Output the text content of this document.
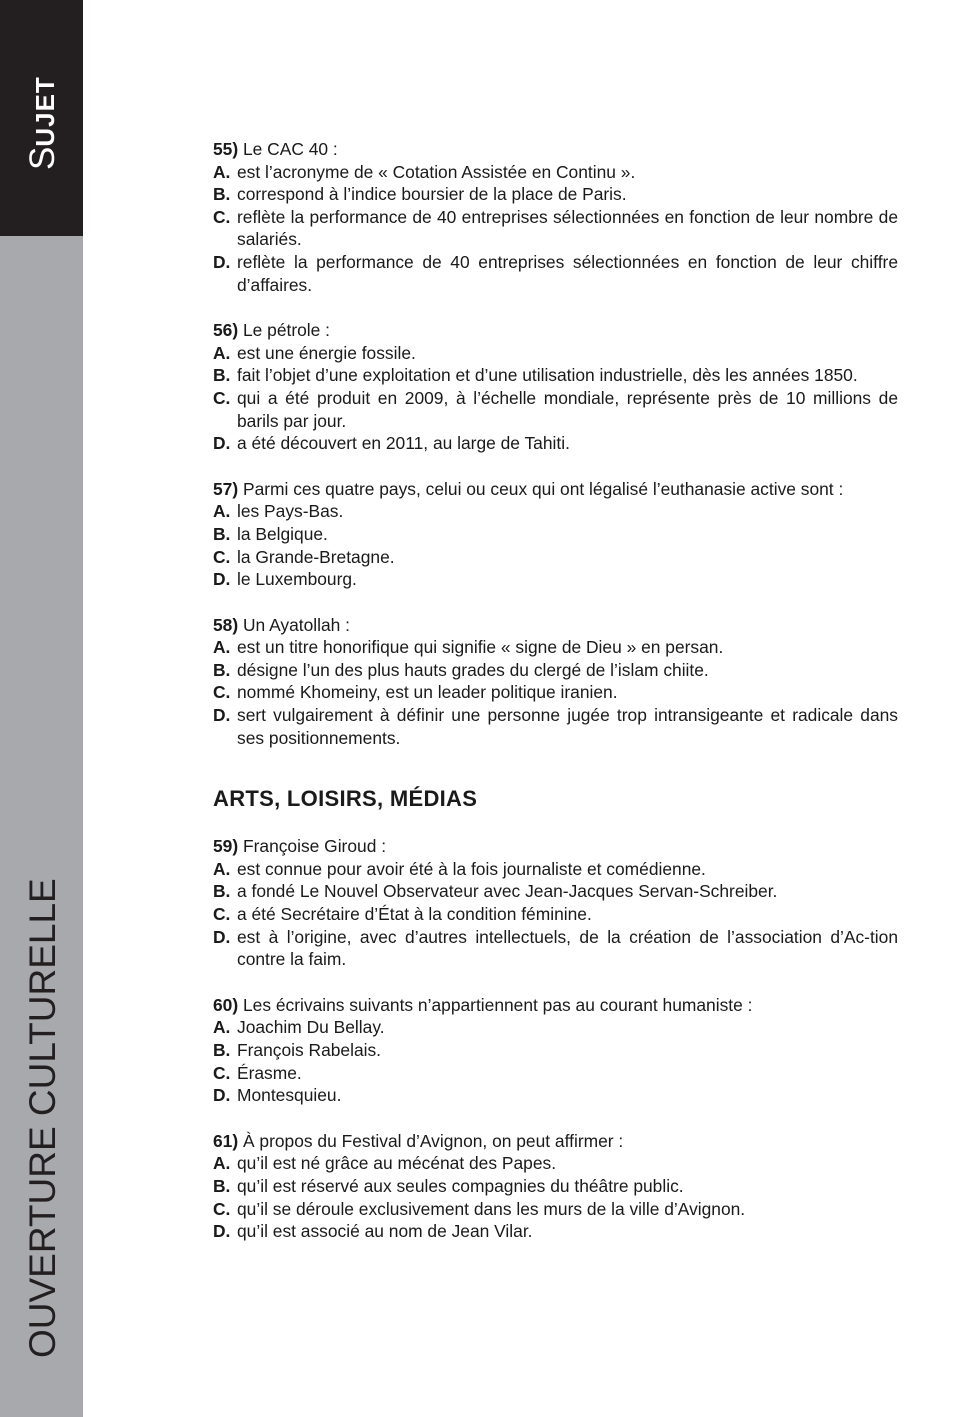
SUJET
OUVERTURE CULTURELLE
55) Le CAC 40 :
A. est l’acronyme de « Cotation Assistée en Continu ».
B. correspond à l’indice boursier de la place de Paris.
C. reflète la performance de 40 entreprises sélectionnées en fonction de leur nombre de salariés.
D. reflète la performance de 40 entreprises sélectionnées en fonction de leur chiffre d’affaires.
56) Le pétrole :
A. est une énergie fossile.
B. fait l’objet d’une exploitation et d’une utilisation industrielle, dès les années 1850.
C. qui a été produit en 2009, à l’échelle mondiale, représente près de 10 millions de barils par jour.
D. a été découvert en 2011, au large de Tahiti.
57) Parmi ces quatre pays, celui ou ceux qui ont légalisé l’euthanasie active sont :
A. les Pays-Bas.
B. la Belgique.
C. la Grande-Bretagne.
D. le Luxembourg.
58) Un Ayatollah :
A. est un titre honorifique qui signifie « signe de Dieu » en persan.
B. désigne l’un des plus hauts grades du clergé de l’islam chiite.
C. nommé Khomeiny, est un leader politique iranien.
D. sert vulgairement à définir une personne jugée trop intransigeante et radicale dans ses positionnements.
ARTS, LOISIRS, MÉDIAS
59) Françoise Giroud :
A. est connue pour avoir été à la fois journaliste et comédienne.
B. a fondé Le Nouvel Observateur avec Jean-Jacques Servan-Schreiber.
C. a été Secrétaire d’État à la condition féminine.
D. est à l’origine, avec d’autres intellectuels, de la création de l’association d’Ac-tion contre la faim.
60) Les écrivains suivants n’appartiennent pas au courant humaniste :
A. Joachim Du Bellay.
B. François Rabelais.
C. Érasme.
D. Montesquieu.
61) À propos du Festival d’Avignon, on peut affirmer :
A. qu’il est né grâce au mécénat des Papes.
B. qu’il est réservé aux seules compagnies du théâtre public.
C. qu’il se déroule exclusivement dans les murs de la ville d’Avignon.
D. qu’il est associé au nom de Jean Vilar.
